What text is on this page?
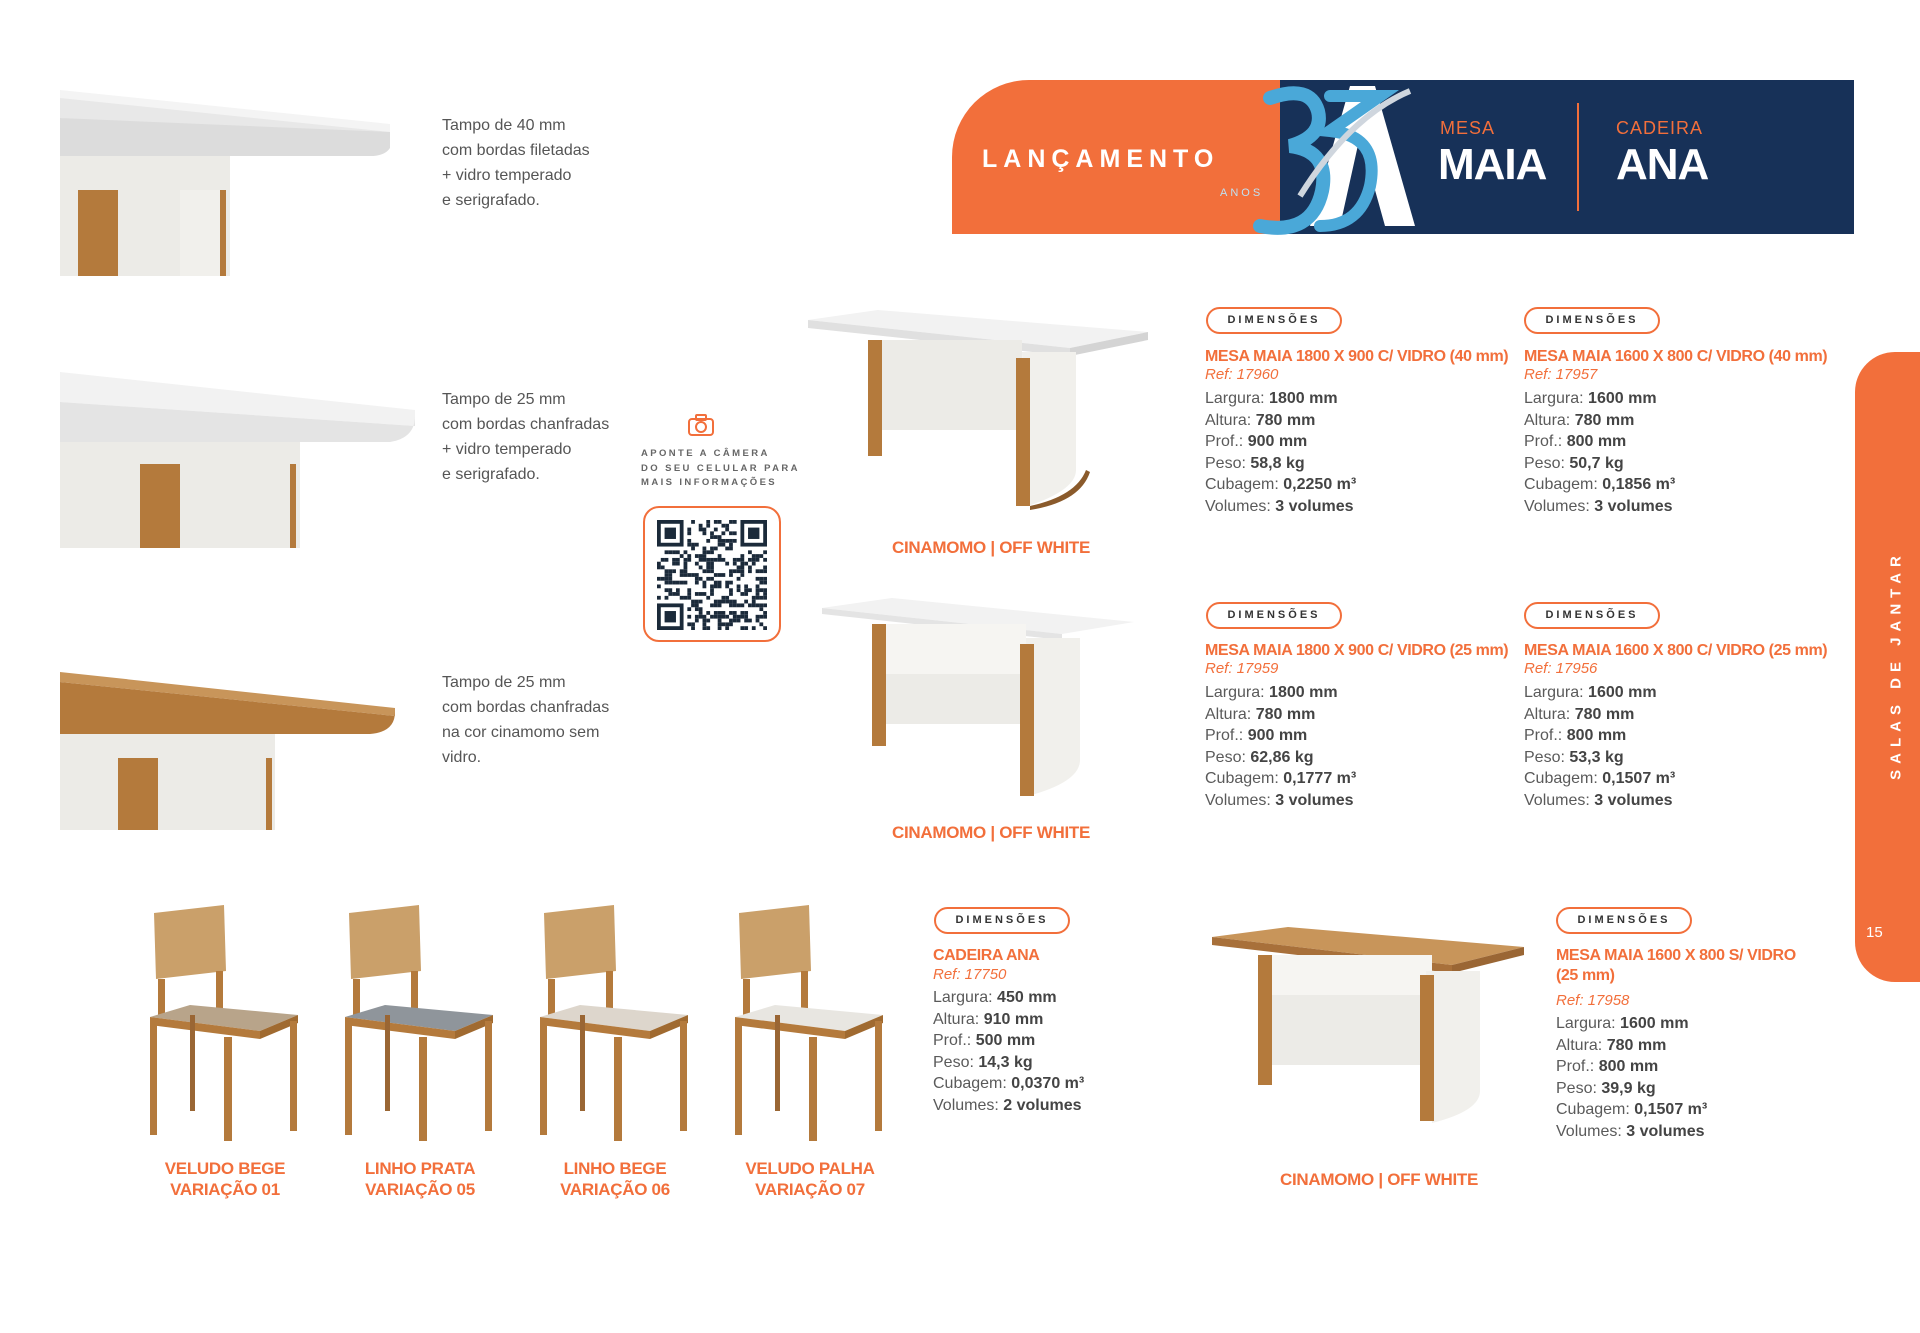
LANÇAMENTO
ANOS
MESA
MAIA
CADEIRA
ANA
SALAS DE JANTAR
15
Tampo de 40 mm
com bordas filetadas
+ vidro temperado
e serigrafado.
Tampo de 25 mm
com bordas chanfradas
+ vidro temperado
e serigrafado.
Tampo de 25 mm
com bordas chanfradas
na cor cinamomo sem
vidro.
APONTE A CÂMERA
DO SEU CELULAR PARA
MAIS INFORMAÇÕES
CINAMOMO | OFF WHITE
CINAMOMO | OFF WHITE
CINAMOMO | OFF WHITE
DIMENSÕES
MESA MAIA 1800 X 900 C/ VIDRO (40 mm)
Ref: 17960
Largura: 1800 mm
Altura: 780 mm
Prof.: 900 mm
Peso: 58,8 kg
Cubagem: 0,2250 m³
Volumes: 3 volumes
DIMENSÕES
MESA MAIA 1600 X 800 C/ VIDRO (40 mm)
Ref: 17957
Largura: 1600 mm
Altura: 780 mm
Prof.: 800 mm
Peso: 50,7 kg
Cubagem: 0,1856 m³
Volumes: 3 volumes
DIMENSÕES
MESA MAIA 1800 X 900 C/ VIDRO (25 mm)
Ref: 17959
Largura: 1800 mm
Altura: 780 mm
Prof.: 900 mm
Peso: 62,86 kg
Cubagem: 0,1777 m³
Volumes: 3 volumes
DIMENSÕES
MESA MAIA 1600 X 800 C/ VIDRO (25 mm)
Ref: 17956
Largura: 1600 mm
Altura: 780 mm
Prof.: 800 mm
Peso: 53,3 kg
Cubagem: 0,1507 m³
Volumes: 3 volumes
DIMENSÕES
CADEIRA ANA
Ref: 17750
Largura: 450 mm
Altura: 910 mm
Prof.: 500 mm
Peso: 14,3 kg
Cubagem: 0,0370 m³
Volumes: 2 volumes
DIMENSÕES
MESA MAIA 1600 X 800 S/ VIDRO
(25 mm)
Ref: 17958
Largura: 1600 mm
Altura: 780 mm
Prof.: 800 mm
Peso: 39,9 kg
Cubagem: 0,1507 m³
Volumes: 3 volumes
VELUDO BEGE
VARIAÇÃO 01
LINHO PRATA
VARIAÇÃO 05
LINHO BEGE
VARIAÇÃO 06
VELUDO PALHA
VARIAÇÃO 07
